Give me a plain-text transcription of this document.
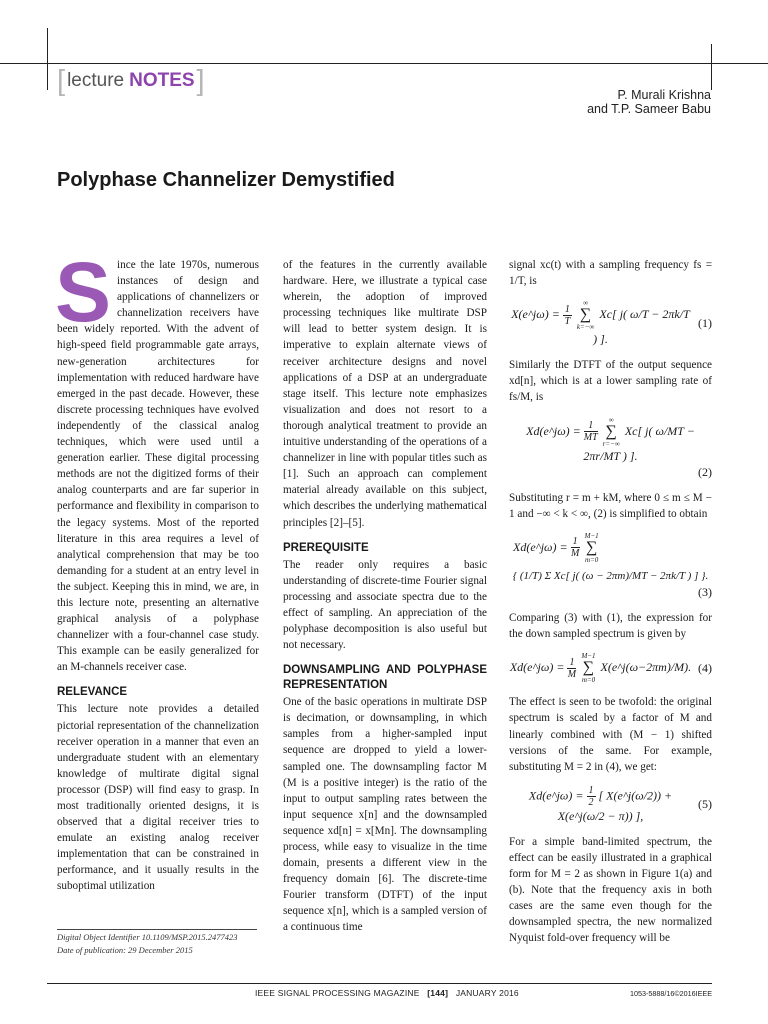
[ lecture NOTES ]	P. Murali Krishna
and T.P. Sameer Babu
Polyphase Channelizer Demystified

Since the late 1970s, numerous instances of design and applications of channelizers or channelization receivers have been widely reported. With the advent of high-speed field programmable gate arrays, new-generation architectures for implementation with reduced hardware have emerged in the past decade. However, these discrete processing techniques have evolved independently of the classical analog techniques, which were used until a generation earlier. These digital processing methods are not the digitized forms of their analog counterparts and are far superior in performance and flexibility in comparison to the legacy systems. Most of the reported literature in this area requires a level of analytical comprehension that may be too demanding for a student at an entry level in the subject. Keeping this in mind, we are, in this lecture note, presenting an alternative graphical analysis of a polyphase channelizer with a four-channel case study. This example can be easily generalized for an M-channels receiver case.

RELEVANCE

This lecture note provides a detailed pictorial representation of the channelization receiver operation in a manner that even an undergraduate student with an elementary knowledge of multirate digital signal processor (DSP) will find easy to grasp. In most traditionally oriented designs, it is observed that a digital receiver tries to emulate an existing analog receiver implementation that can be constrained in performance, and it usually results in the suboptimal utilization

of the features in the currently available hardware. Here, we illustrate a typical case wherein, the adoption of improved processing techniques like multirate DSP will lead to better system design. It is imperative to explain alternate views of receiver architecture designs and novel applications of a DSP at an undergraduate stage itself. This lecture note emphasizes visualization and does not resort to a thorough analytical treatment to provide an intuitive understanding of the operations of a channelizer in line with popular titles such as [1]. Such an approach can complement material already available on this subject, which describes the underlying mathematical principles [2]–[5].

PREREQUISITE

The reader only requires a basic understanding of discrete-time Fourier signal processing and associate spectra due to the effect of sampling. An appreciation of the polyphase decomposition is also useful but not necessary.

DOWNSAMPLING AND POLYPHASE REPRESENTATION

One of the basic operations in multirate DSP is decimation, or downsampling, in which samples from a higher-sampled input sequence are dropped to yield a lower-sampled one. The downsampling factor M (M is a positive integer) is the ratio of the input to output sampling rates between the input sequence x[n] and the downsampled sequence xd[n] = x[Mn]. The downsampling process, while easy to visualize in the time domain, presents a different view in the frequency domain [6]. The discrete-time Fourier transform (DTFT) of the input sequence x[n], which is a sampled version of a continuous time

signal xc(t) with a sampling frequency fs = 1/T, is

X(e^jω) = $\frac{1}{T}$

∞
∑
k=−∞
Xc[ j( ω/T − 2πk/T ) ].
(1)

Similarly the DTFT of the output sequence xd[n], which is at a lower sampling rate of fs/M, is

Xd(e^jω) = $\frac{1}{MT}$

∞
∑
r=−∞
Xc[ j( ω/MT − 2πr/MT ) ].
(2)

Substituting r = m + kM, where 0 ≤ m ≤ M − 1 and −∞ < k < ∞, (2) is simplified to obtain

Xd(e^jω) = $\frac{1}{M}$

M−1
∑
m=0
{ (1/T) Σ Xc[ j( (ω − 2πm)/MT − 2πk/T ) ] }.
(3)

Comparing (3) with (1), the expression for the down sampled spectrum is given by

Xd(e^jω) = $\frac{1}{M}$

M−1
∑
m=0
X(e^j(ω−2πm)/M). (4)

The effect is seen to be twofold: the original spectrum is scaled by a factor of M and linearly combined with (M − 1) shifted versions of the same. For example, substituting M = 2 in (4), we get:

Xd(e^jω) = $\frac{1}{2}$ [ X(e^j(ω/2)) + X(e^j(ω/2 − π)) ],
(5)

For a simple band-limited spectrum, the effect can be easily illustrated in a graphical form for M = 2 as shown in Figure 1(a) and (b). Note that the frequency axis in both cases are the same even though for the downsampled spectra, the new normalized Nyquist fold-over frequency will be

Digital Object Identifier 10.1109/MSP.2015.2477423
Date of publication: 29 December 2015
IEEE SIGNAL PROCESSING MAGAZINE [144] JANUARY 2016	1053-5888/16©2016IEEE
